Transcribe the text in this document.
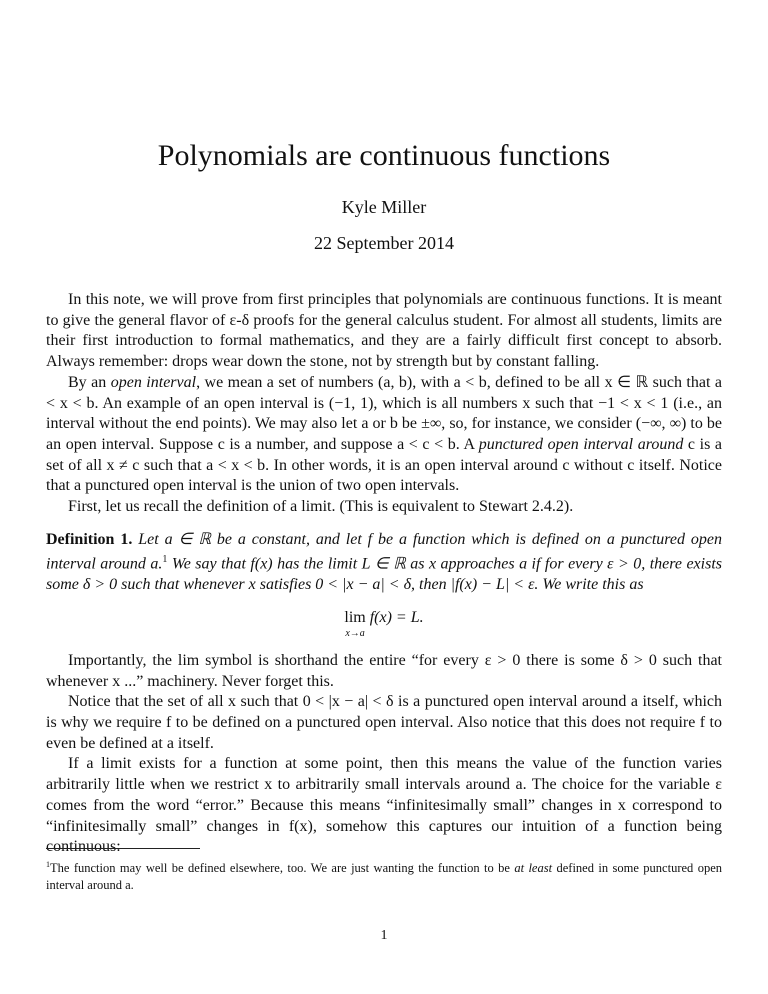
Polynomials are continuous functions
Kyle Miller
22 September 2014

In this note, we will prove from first principles that polynomials are continuous functions. It is meant to give the general flavor of ε-δ proofs for the general calculus student. For almost all students, limits are their first introduction to formal mathematics, and they are a fairly difficult first concept to absorb. Always remember: drops wear down the stone, not by strength but by constant falling.

By an open interval, we mean a set of numbers (a, b), with a < b, defined to be all x ∈ ℝ such that a < x < b. An example of an open interval is (−1, 1), which is all numbers x such that −1 < x < 1 (i.e., an interval without the end points). We may also let a or b be ±∞, so, for instance, we consider (−∞, ∞) to be an open interval. Suppose c is a number, and suppose a < c < b. A punctured open interval around c is a set of all x ≠ c such that a < x < b. In other words, it is an open interval around c without c itself. Notice that a punctured open interval is the union of two open intervals.

First, let us recall the definition of a limit. (This is equivalent to Stewart 2.4.2).

Definition 1. Let a ∈ ℝ be a constant, and let f be a function which is defined on a punctured open interval around a.$^1$ We say that f(x) has the limit L ∈ ℝ as x approaches a if for every ε > 0, there exists some δ > 0 such that whenever x satisfies 0 < |x − a| < δ, then |f(x) − L| < ε. We write this as

lim
x→a
f(x) = L.

Importantly, the lim symbol is shorthand the entire “for every ε > 0 there is some δ > 0 such that whenever x ...” machinery. Never forget this.

Notice that the set of all x such that 0 < |x − a| < δ is a punctured open interval around a itself, which is why we require f to be defined on a punctured open interval. Also notice that this does not require f to even be defined at a itself.

If a limit exists for a function at some point, then this means the value of the function varies arbitrarily little when we restrict x to arbitrarily small intervals around a. The choice for the variable ε comes from the word “error.” Because this means “infinitesimally small” changes in x correspond to “infinitesimally small” changes in f(x), somehow this captures our intuition of a function being continuous:

$^1$The function may well be defined elsewhere, too. We are just wanting the function to be at least defined in some punctured open interval around a.
1
